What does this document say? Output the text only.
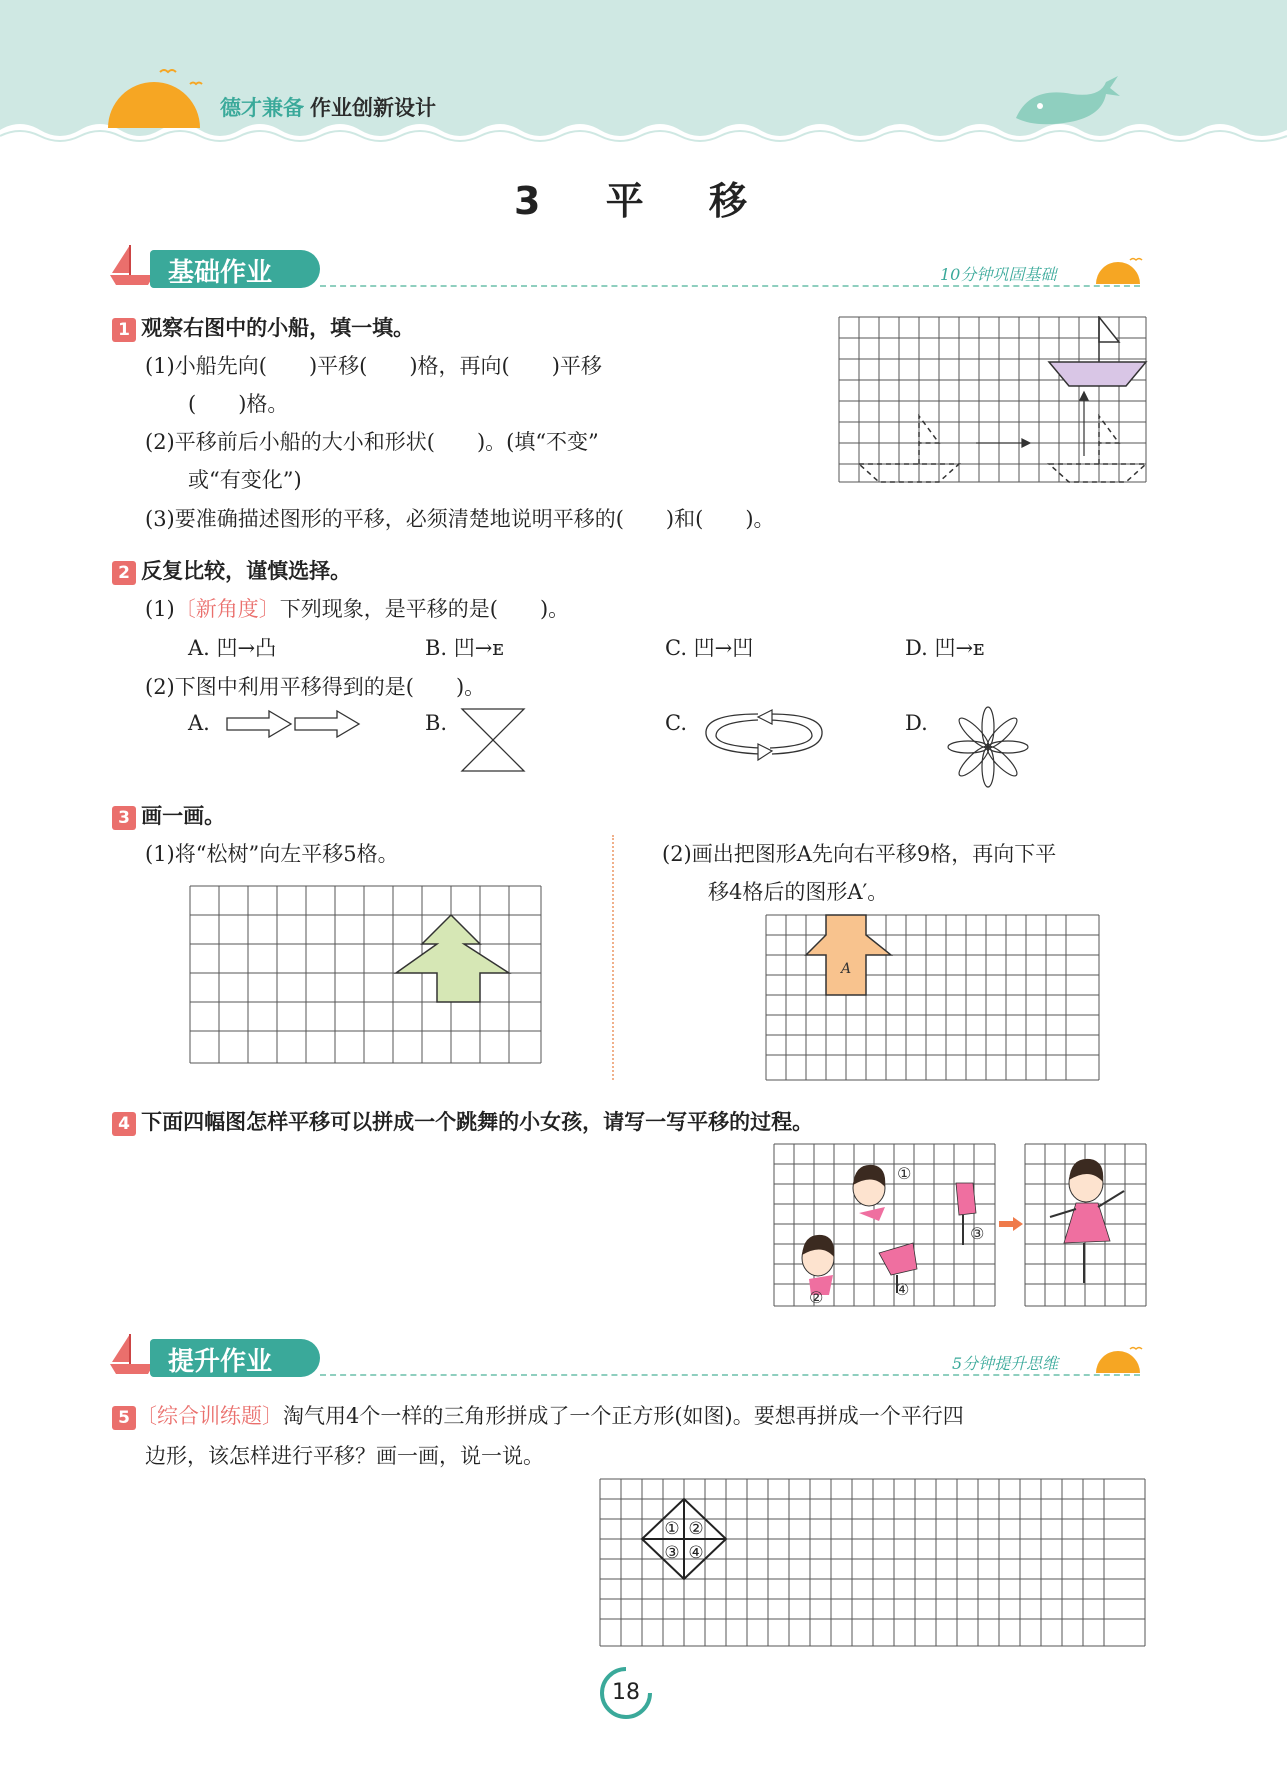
德才兼备 作业创新设计
3 平 移
基础作业	10分钟巩固基础
1 观察右图中的小船，填一填。
(1)小船先向(　　)平移(　　)格，再向(　　)平移
(　　)格。
(2)平移前后小船的大小和形状(　　)。(填“不变”
或“有变化”)
(3)要准确描述图形的平移，必须清楚地说明平移的(　　)和(　　)。
2 反复比较，谨慎选择。
(1)〔新角度〕下列现象，是平移的是(　　)。
A. 凹→凸	B. 凹→ᴇ	C. 凹→凹	D. 凹→ᴇ
(2)下图中利用平移得到的是(　　)。
A.	B.	C.	D.
3 画一画。
(1)将“松树”向左平移5格。	(2)画出把图形A先向右平移9格，再向下平
移4格后的图形A′。
A
4 下面四幅图怎样平移可以拼成一个跳舞的小女孩，请写一写平移的过程。
①
②
③
④
提升作业	5分钟提升思维
5 〔综合训练题〕淘气用4个一样的三角形拼成了一个正方形(如图)。要想再拼成一个平行四
边形，该怎样进行平移？画一画，说一说。
① ②
③ ④
18
